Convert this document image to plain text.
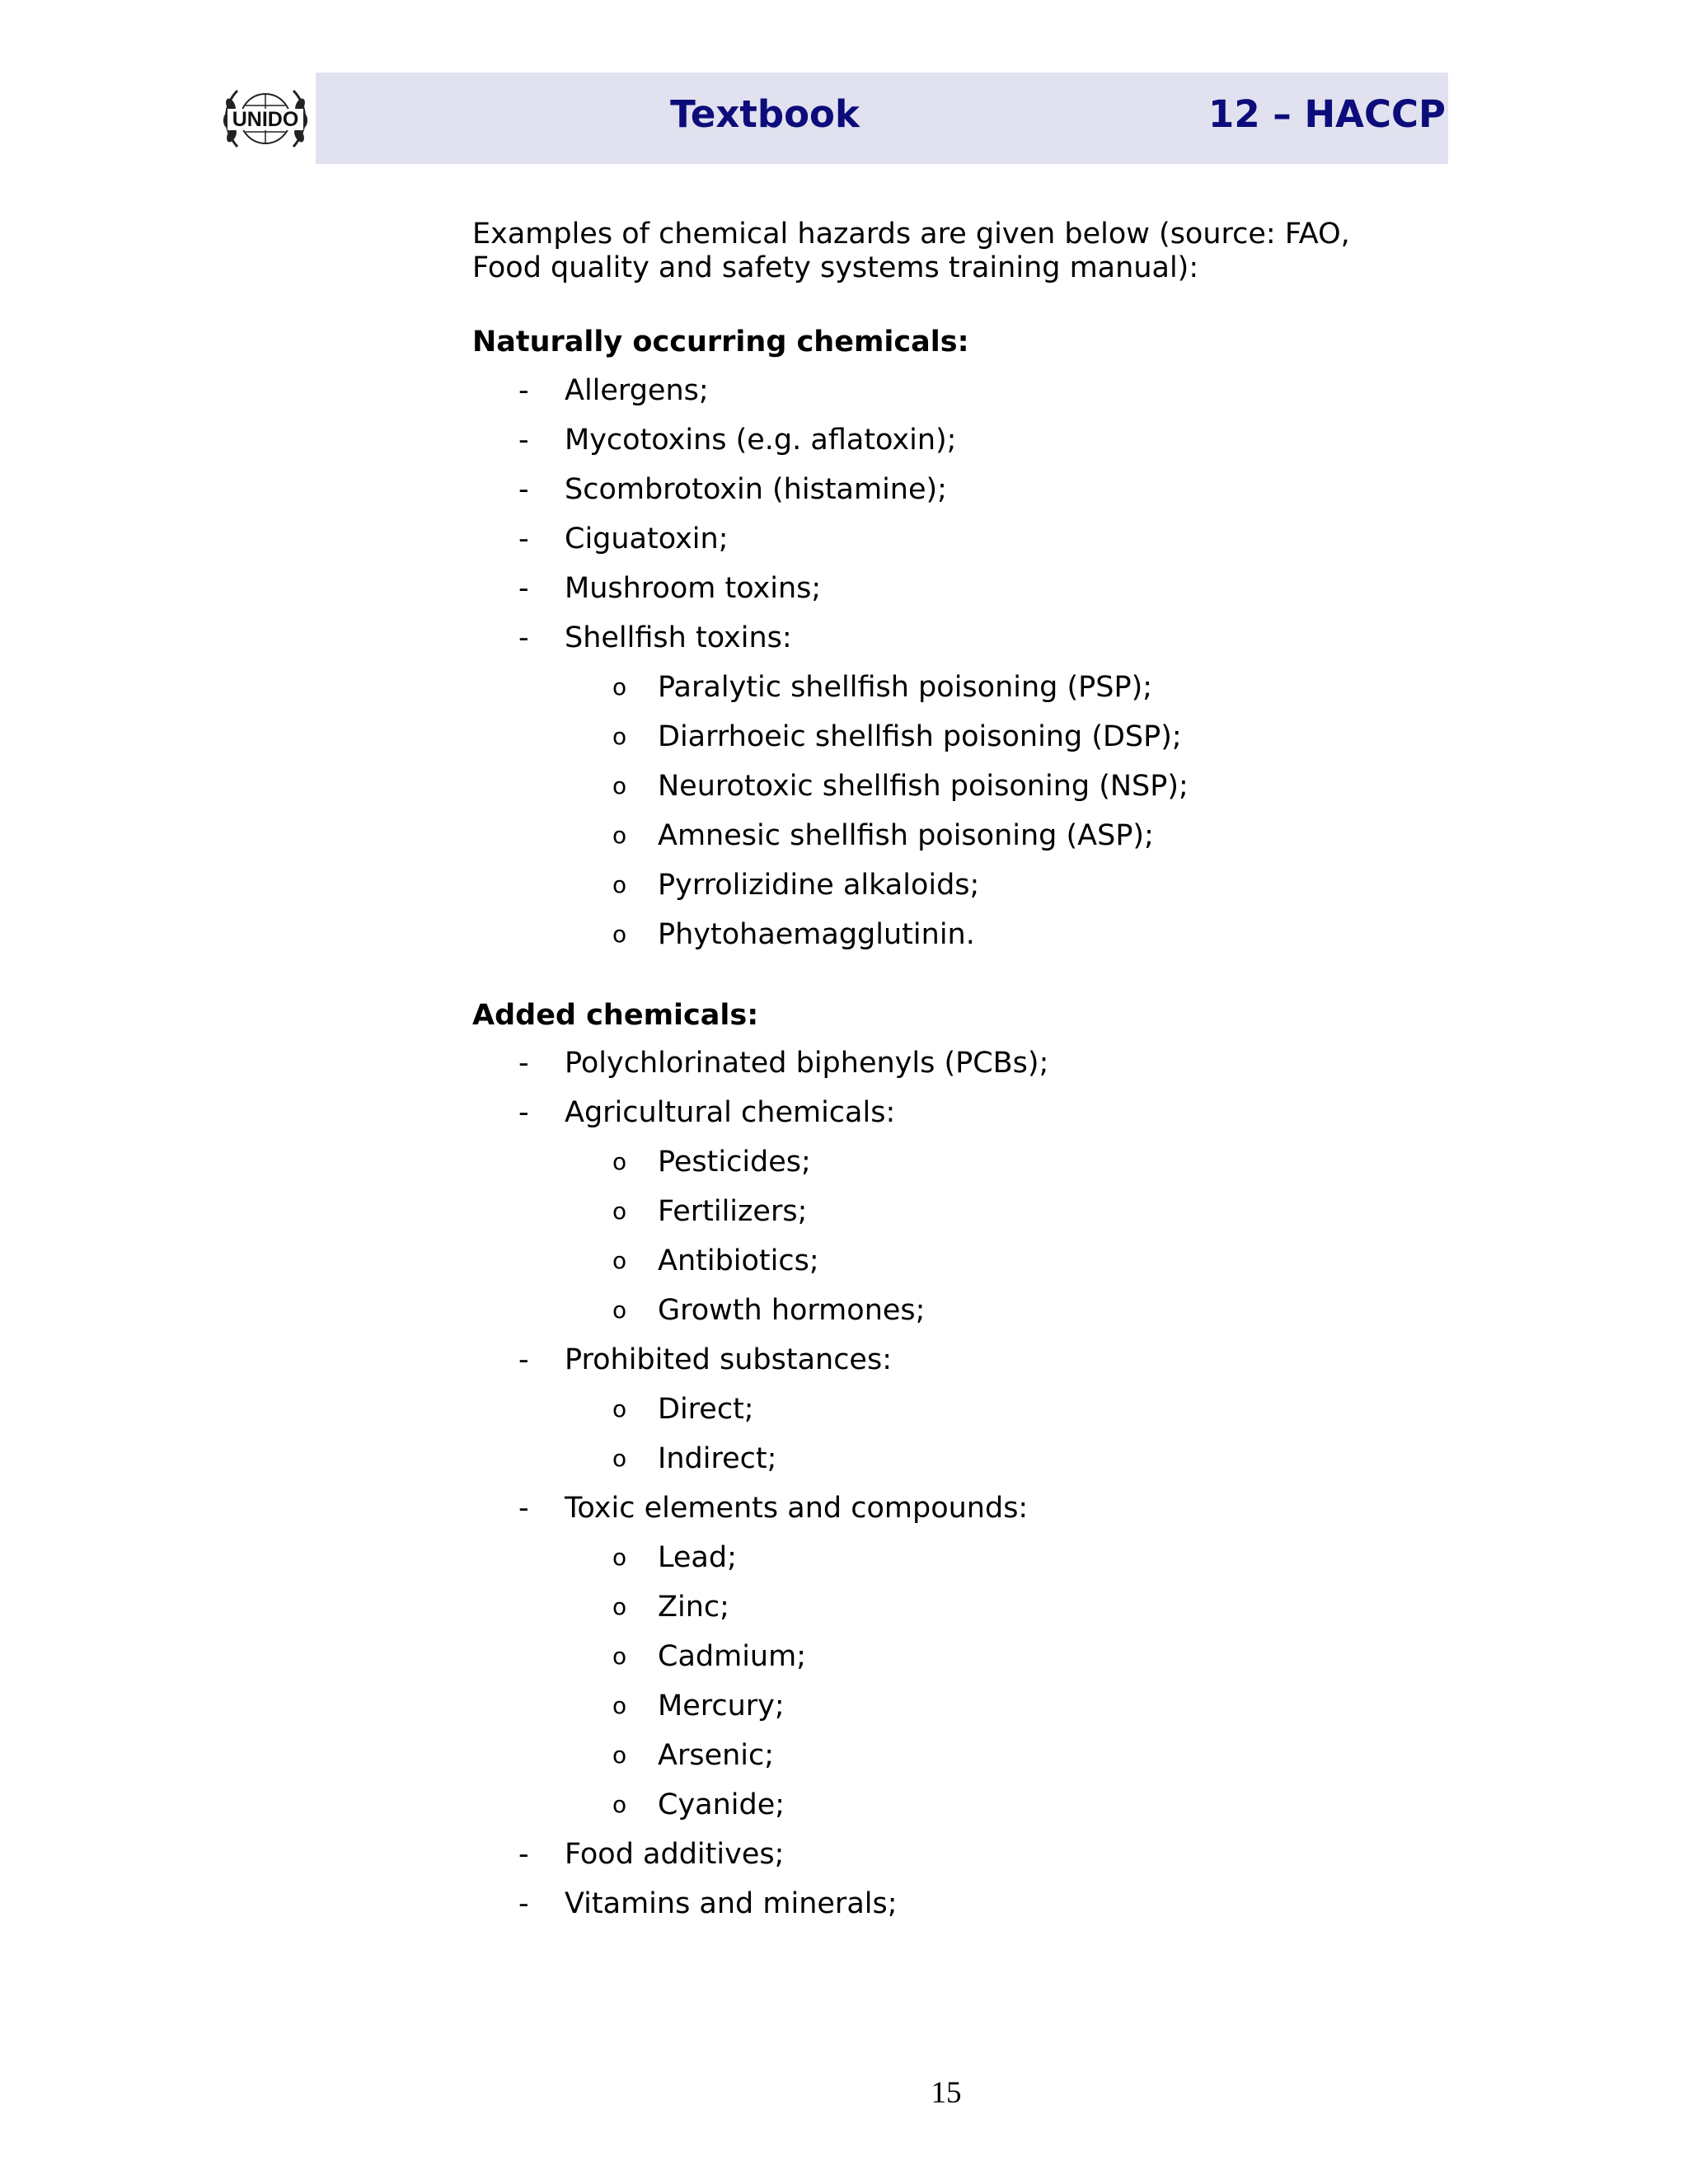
UNIDO	Textbook	12 – HACCP

Examples of chemical hazards are given below (source: FAO, Food quality and safety systems training manual):

Naturally occurring chemicals:

- Allergens;
- Mycotoxins (e.g. aflatoxin);
- Scombrotoxin (histamine);
- Ciguatoxin;
- Mushroom toxins;
- Shellfish toxins:
o Paralytic shellfish poisoning (PSP);
o Diarrhoeic shellfish poisoning (DSP);
o Neurotoxic shellfish poisoning (NSP);
o Amnesic shellfish poisoning (ASP);
o Pyrrolizidine alkaloids;
o Phytohaemagglutinin.

Added chemicals:

- Polychlorinated biphenyls (PCBs);
- Agricultural chemicals:
o Pesticides;
o Fertilizers;
o Antibiotics;
o Growth hormones;
- Prohibited substances:
o Direct;
o Indirect;
- Toxic elements and compounds:
o Lead;
o Zinc;
o Cadmium;
o Mercury;
o Arsenic;
o Cyanide;
- Food additives;
- Vitamins and minerals;
15
